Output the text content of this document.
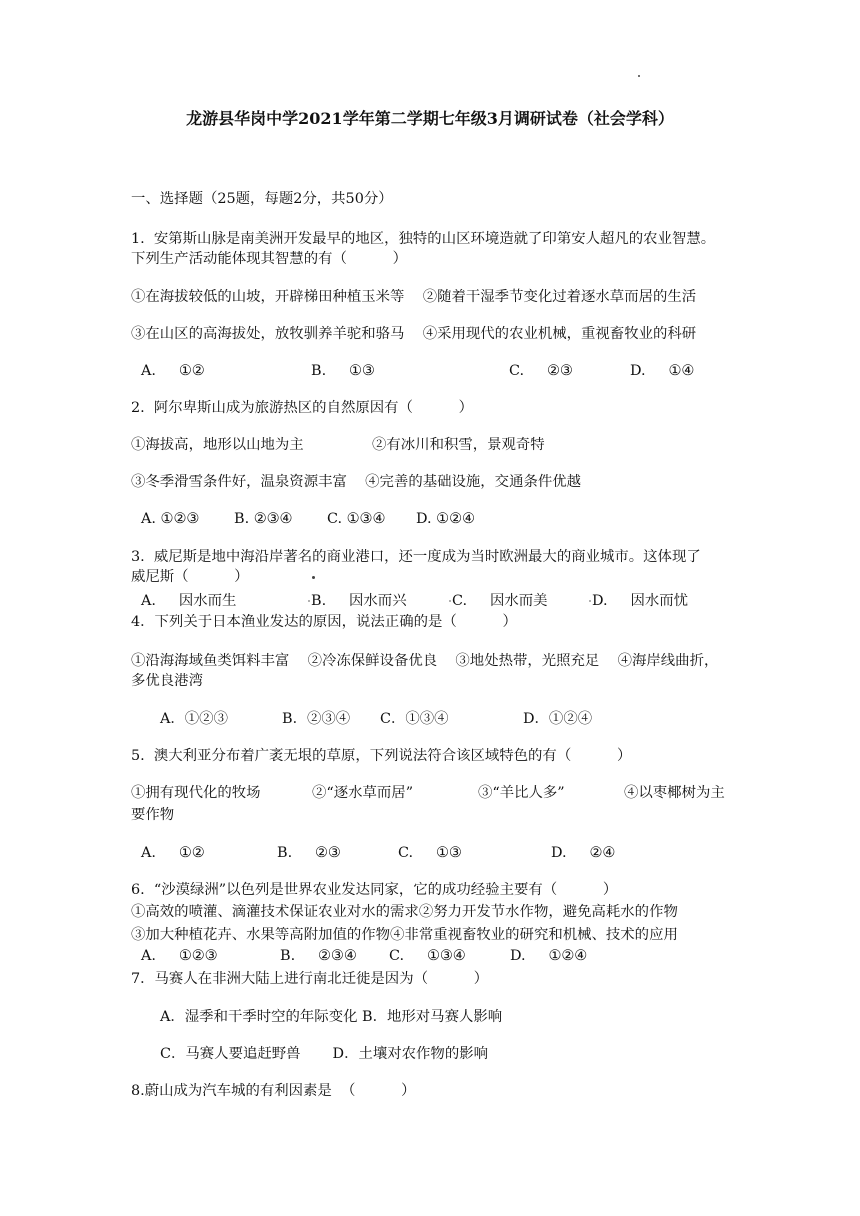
龙游县华岗中学2021学年第二学期七年级3月调研试卷（社会学科）
一、选择题（25题，每题2分，共50分）
1.  安第斯山脉是南美洲开发最早的地区，独特的山区环境造就了印第安人超凡的农业智慧。
下列生产活动能体现其智慧的有（          ）
①在海拔较低的山坡，开辟梯田种植玉米等    ②随着干湿季节变化过着逐水草而居的生活
③在山区的高海拔处，放牧驯养羊驼和骆马    ④采用现代的农业机械，重视畜牧业的科研
A.     ①②	B.     ①③	C.     ②③	D.     ①④
2.  阿尔卑斯山成为旅游热区的自然原因有（          ）
①海拔高，地形以山地为主	②有冰川和积雪，景观奇特
③冬季滑雪条件好，温泉资源丰富    ④完善的基础设施，交通条件优越
A. ①②③ B. ②③④ C. ①③④ D. ①②④
3.  威尼斯是地中海沿岸著名的商业港口，还一度成为当时欧洲最大的商业城市。这体现了
威尼斯（          ）
A.     因水而生	B.     因水而兴	C.     因水而美	D.     因水而忧
4．下列关于日本渔业发达的原因，说法正确的是（          ）
①沿海海域鱼类饵料丰富    ②冷冻保鲜设备优良    ③地处热带，光照充足    ④海岸线曲折，
多优良港湾
A．①②③	B．②③④ C．①③④	D．①②④
5.  澳大利亚分布着广袤无垠的草原，下列说法符合该区域特色的有（          ）
①拥有现代化的牧场	②“逐水草而居”	③“羊比人多”	④以枣椰树为主
要作物
A.     ①②	B.     ②③	C.     ①③	D.     ②④
6.  “沙漠绿洲”以色列是世界农业发达同家，它的成功经验主要有（          ）
①高效的喷灌、滴灌技术保证农业对水的需求②努力开发节水作物，避免高耗水的作物
③加大种植花卉、水果等高附加值的作物④非常重视畜牧业的研究和机械、技术的应用
A.     ①②③	B.     ②③④ C.     ①③④	D.     ①②④
7．马赛人在非洲大陆上进行南北迁徙是因为（          ）
A．湿季和干季时空的年际变化 B．地形对马赛人影响
C．马赛人要追赶野兽       D．土壤对农作物的影响
8.蔚山成为汽车城的有利因素是  （          ）
